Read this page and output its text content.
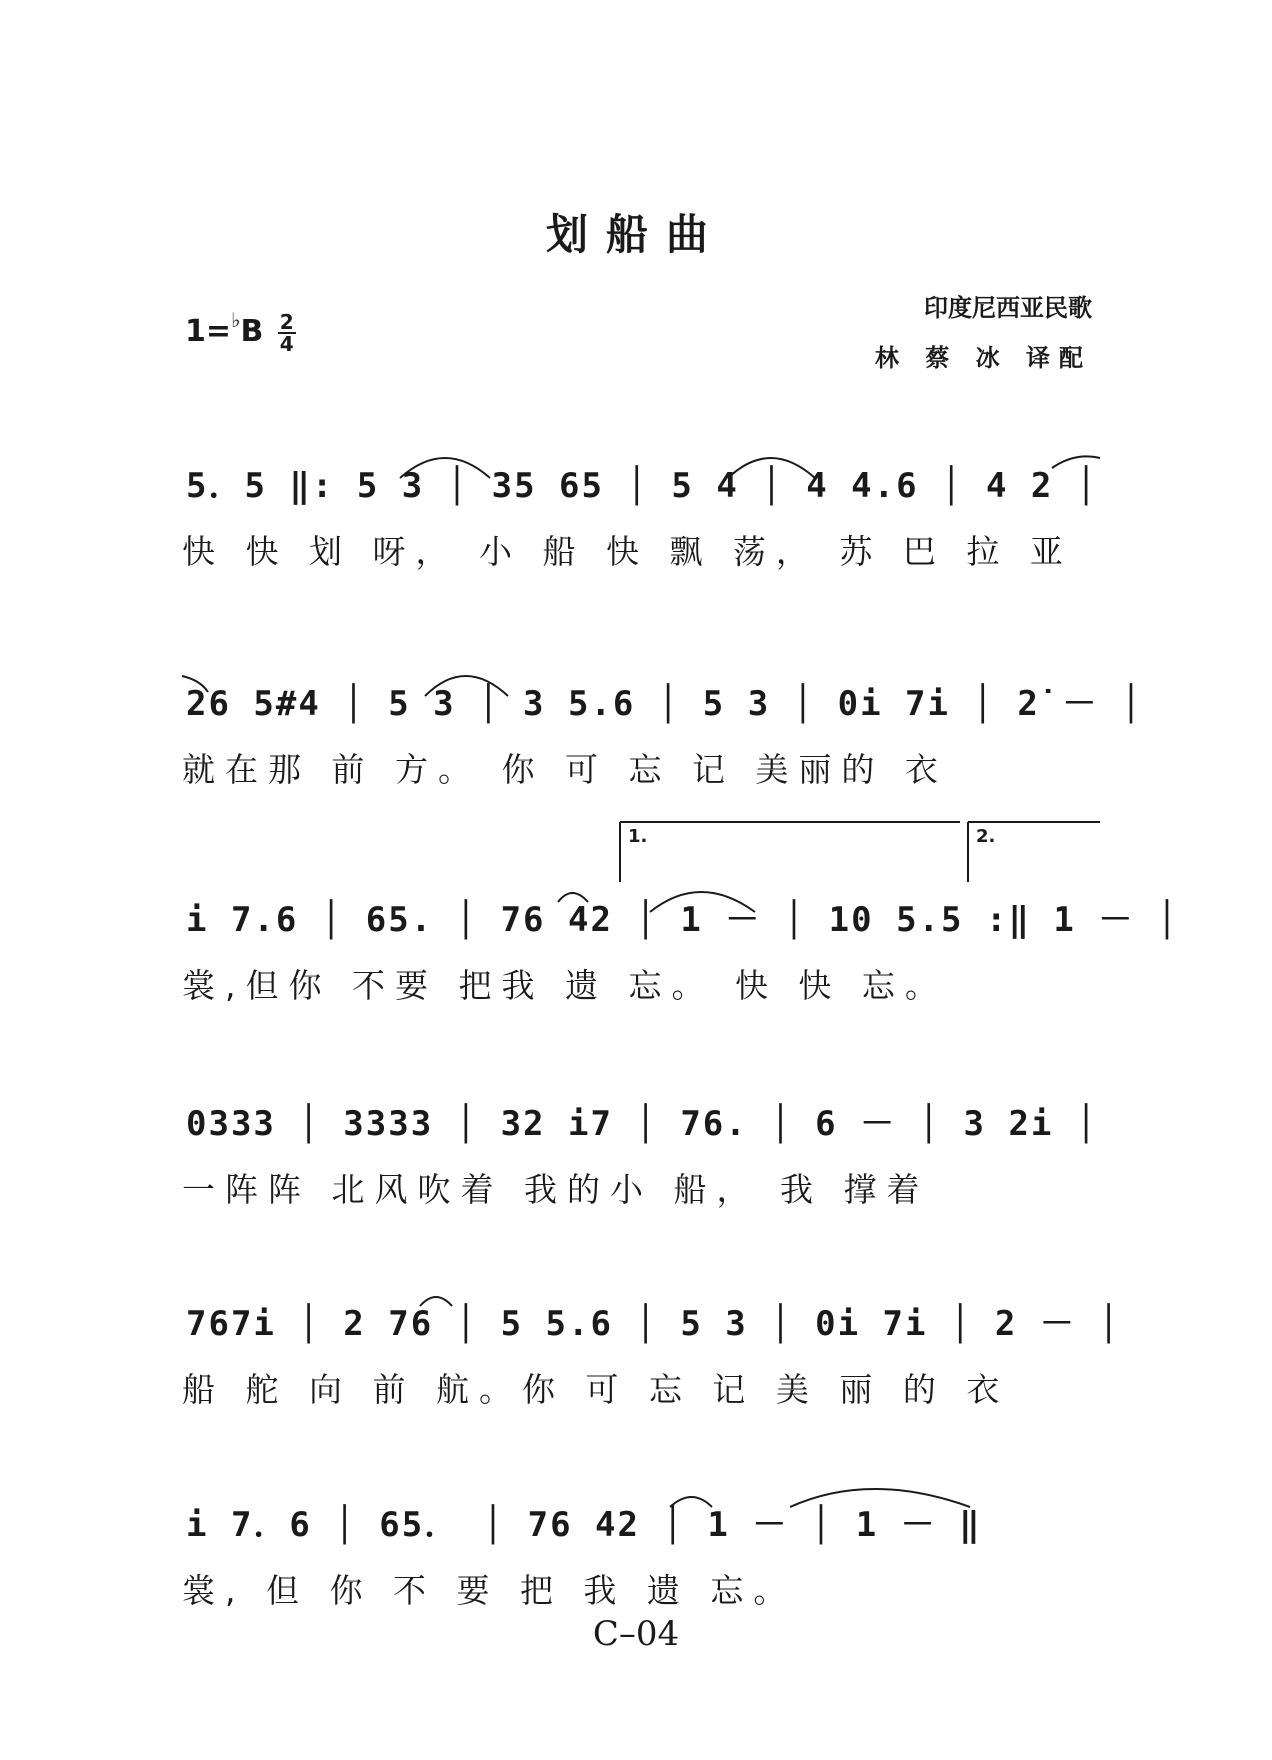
划船曲
$1=^♭B \frac{2}{4}$
印度尼西亚民歌
林 蔡 冰 译配
5．5 ‖: 5 3 │ 35 65 │ 5 4 │ 4 4.6 │ 4 2 │
快 快 划 呀， 小 船 快 飘 荡， 苏 巴 拉 亚
26 5#4 │ 5 3 │ 3 5.6 │ 5 3 │ 0i 7i │ 2̇ － │
就在那 前 方。 你 可 忘 记 美丽的 衣
1.	2.
i 7.6 │ 65. │ 76 42 │ 1 － │ 10 5.5 :‖ 1 － │
裳,但你 不要 把我 遗 忘。 快 快 忘。
0333 │ 3333 │ 32 i7 │ 76. │ 6 － │ 3 2i │
一阵阵 北风吹着 我的小 船， 我 撑着
767i │ 2 76 │ 5 5.6 │ 5 3 │ 0i 7i │ 2 － │
船 舵 向 前 航。你 可 忘 记 美 丽 的 衣
i 7．6 │ 65． │ 76 42 │ 1 － │ 1 － ‖
裳, 但 你 不 要 把 我 遗 忘。
C–04
